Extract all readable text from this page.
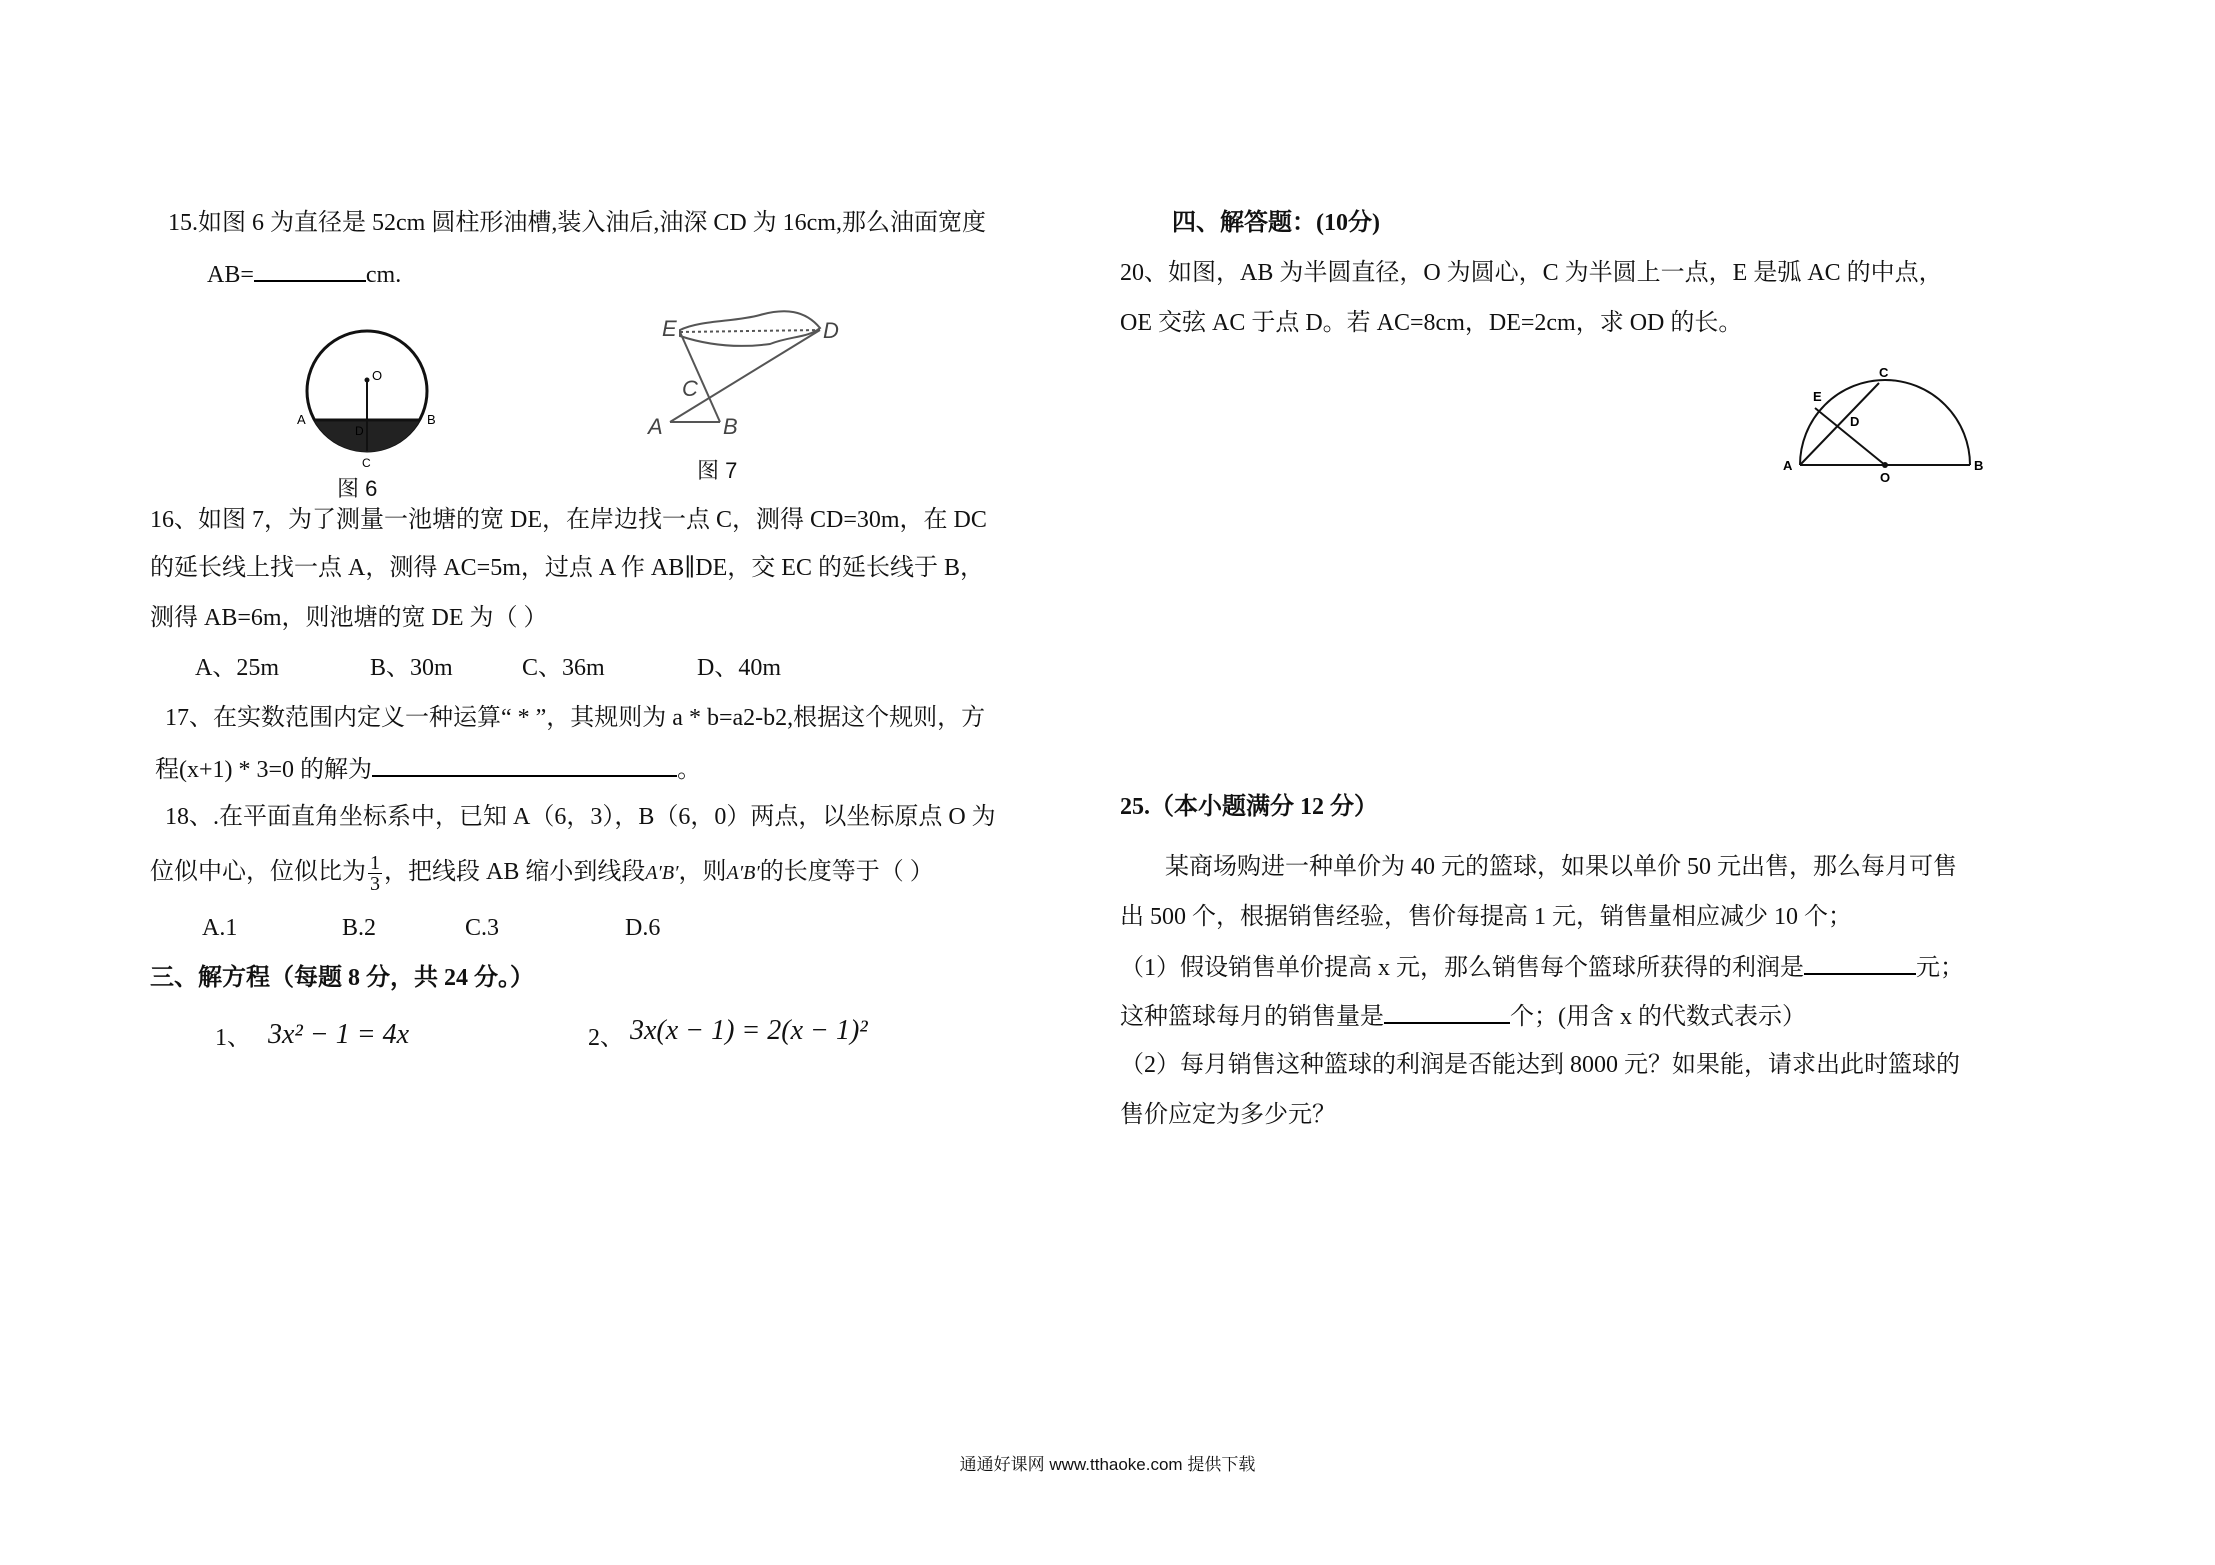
15.如图 6 为直径是 52cm 圆柱形油槽,装入油后,油深 CD 为 16cm,那么油面宽度
AB=	cm.
O
A	B
D
C
图 6
E	D
C
A	B
图 7
16、如图 7，为了测量一池塘的宽 DE，在岸边找一点 C，测得 CD=30m，在 DC
的延长线上找一点 A，测得 AC=5m，过点 A 作 AB∥DE，交 EC 的延长线于 B，
测得 AB=6m，则池塘的宽 DE 为（ ）
A、25m	B、30m	C、36m	D、40m
17、在实数范围内定义一种运算“ * ”，其规则为 a * b=a2-b2,根据这个规则，方
程(x+1) * 3=0 的解为	。
18、.在平面直角坐标系中，已知 A（6，3），B（6，0）两点，以坐标原点 O 为
位似中心，位似比为 $\frac{1}{3}$ ，把线段 AB 缩小到线段A′B′，则A′B′的长度等于（ ）
A.1	B.2	C.3	D.6
三、解方程（每题 8 分，共 24 分。）
1、 3x² − 1 = 4x	2、 3x(x − 1) = 2(x − 1)²
四、解答题：(10分)
20、如图，AB 为半圆直径，O 为圆心，C 为半圆上一点，E 是弧 AC 的中点，
OE 交弦 AC 于点 D。若 AC=8cm，DE=2cm，求 OD 的长。
C
E
D
A
O
B
25.（本小题满分 12 分）
某商场购进一种单价为 40 元的篮球，如果以单价 50 元出售，那么每月可售
出 500 个，根据销售经验，售价每提高 1 元，销售量相应减少 10 个；
（1）假设销售单价提高 x 元，那么销售每个篮球所获得的利润是	元；
这种篮球每月的销售量是	个；(用含 x 的代数式表示）
（2）每月销售这种篮球的利润是否能达到 8000 元？如果能，请求出此时篮球的
售价应定为多少元？
通通好课网 www.tthaoke.com 提供下载
